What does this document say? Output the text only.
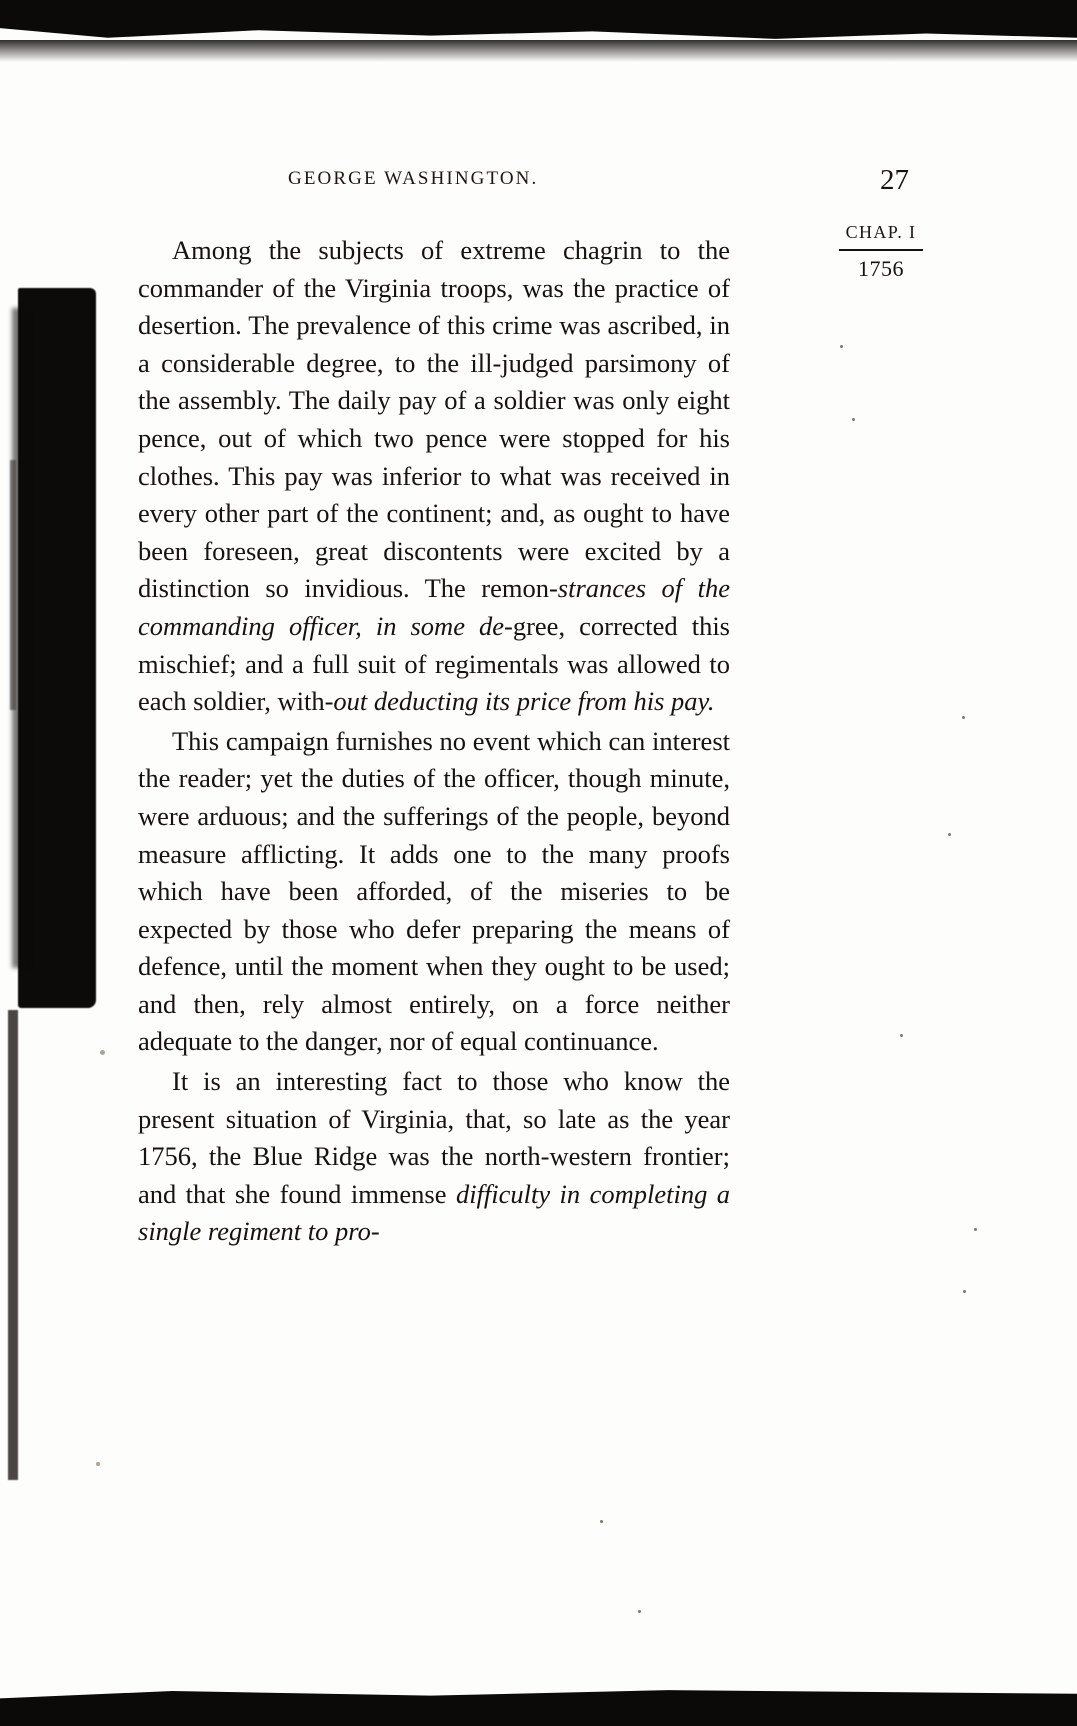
27
CHAP. I
1756
GEORGE WASHINGTON.

Among the subjects of extreme chagrin to the commander of the Virginia troops, was the practice of desertion. The prevalence of this crime was ascribed, in a considerable degree, to the ill-judged parsimony of the assembly. The daily pay of a soldier was only eight pence, out of which two pence were stopped for his clothes. This pay was inferior to what was received in every other part of the continent; and, as ought to have been foreseen, great discontents were excited by a distinction so invidious. The remon-strances of the commanding officer, in some de-gree, corrected this mischief; and a full suit of regimentals was allowed to each soldier, with-out deducting its price from his pay.

This campaign furnishes no event which can interest the reader; yet the duties of the officer, though minute, were arduous; and the sufferings of the people, beyond measure afflicting. It adds one to the many proofs which have been afforded, of the miseries to be expected by those who defer preparing the means of defence, until the moment when they ought to be used; and then, rely almost entirely, on a force neither adequate to the danger, nor of equal continuance.

It is an interesting fact to those who know the present situation of Virginia, that, so late as the year 1756, the Blue Ridge was the north-western frontier; and that she found immense difficulty in completing a single regiment to pro-
